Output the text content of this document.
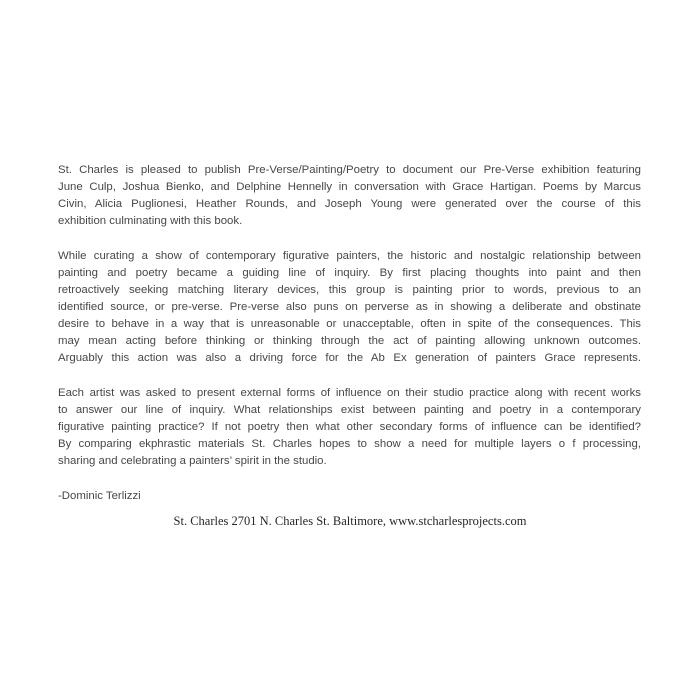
St. Charles is pleased to publish Pre-Verse/Painting/Poetry to document our Pre-Verse exhibition featuring
June Culp, Joshua Bienko, and Delphine Hennelly in conversation with Grace Hartigan. Poems by Marcus
Civin, Alicia Puglionesi, Heather Rounds, and Joseph Young were generated over the course of this
exhibition culminating with this book.
While curating a show of contemporary figurative painters, the historic and nostalgic relationship between
painting and poetry became a guiding line of inquiry. By first placing thoughts into paint and then
retroactively seeking matching literary devices, this group is painting prior to words, previous to an
identified source, or pre-verse. Pre-verse also puns on perverse as in showing a deliberate and obstinate
desire to behave in a way that is unreasonable or unacceptable, often in spite of the consequences. This
may mean acting before thinking or thinking through the act of painting allowing unknown outcomes.
Arguably this action was also a driving force for the Ab Ex generation of painters Grace represents.
Each artist was asked to present external forms of influence on their studio practice along with recent works
to answer our line of inquiry. What relationships exist between painting and poetry in a contemporary
figurative painting practice? If not poetry then what other secondary forms of influence can be identified?
By comparing ekphrastic materials St. Charles hopes to show a need for multiple layers o f processing,
sharing and celebrating a painters’ spirit in the studio.
-Dominic Terlizzi
St. Charles 2701 N. Charles St. Baltimore, www.stcharlesprojects.com
